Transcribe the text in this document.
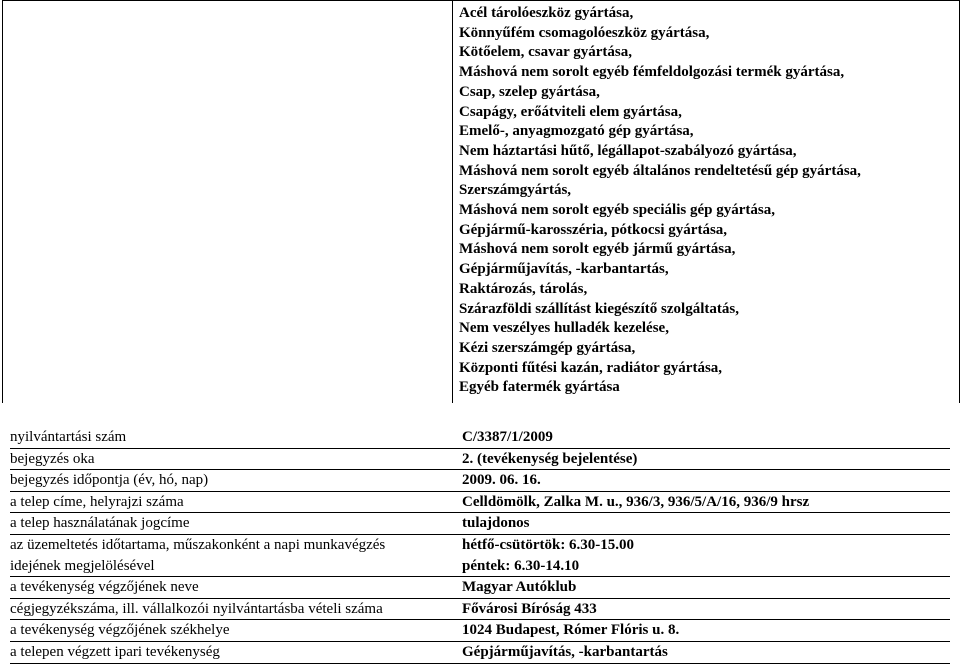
Acél tárolóeszköz gyártása,
Könnyűfém csomagolóeszköz gyártása,
Kötőelem, csavar gyártása,
Máshová nem sorolt egyéb fémfeldolgozási termék gyártása,
Csap, szelep gyártása,
Csapágy, erőátviteli elem gyártása,
Emelő-, anyagmozgató gép gyártása,
Nem háztartási hűtő, légállapot-szabályozó gyártása,
Máshová nem sorolt egyéb általános rendeltetésű gép gyártása,
Szerszámgyártás,
Máshová nem sorolt egyéb speciális gép gyártása,
Gépjármű-karosszéria, pótkocsi gyártása,
Máshová nem sorolt egyéb jármű gyártása,
Gépjárműjavítás, -karbantartás,
Raktározás, tárolás,
Szárazföldi szállítást kiegészítő szolgáltatás,
Nem veszélyes hulladék kezelése,
Kézi szerszámgép gyártása,
Központi fűtési kazán, radiátor gyártása,
Egyéb fatermék gyártása
nyilvántartási szám	C/3387/1/2009
bejegyzés oka	2. (tevékenység bejelentése)
bejegyzés időpontja (év, hó, nap)	2009. 06. 16.
a telep címe, helyrajzi száma	Celldömölk, Zalka M. u., 936/3, 936/5/A/16, 936/9 hrsz
a telep használatának jogcíme	tulajdonos
az üzemeltetés időtartama, műszakonként a napi munkavégzés	hétfő-csütörtök: 6.30-15.00
idejének megjelölésével	péntek: 6.30-14.10
a tevékenység végzőjének neve	Magyar Autóklub
cégjegyzékszáma, ill. vállalkozói nyilvántartásba vételi száma	Fővárosi Bíróság 433
a tevékenység végzőjének székhelye	1024 Budapest, Rómer Flóris u. 8.
a telepen végzett ipari tevékenység	Gépjárműjavítás, -karbantartás
